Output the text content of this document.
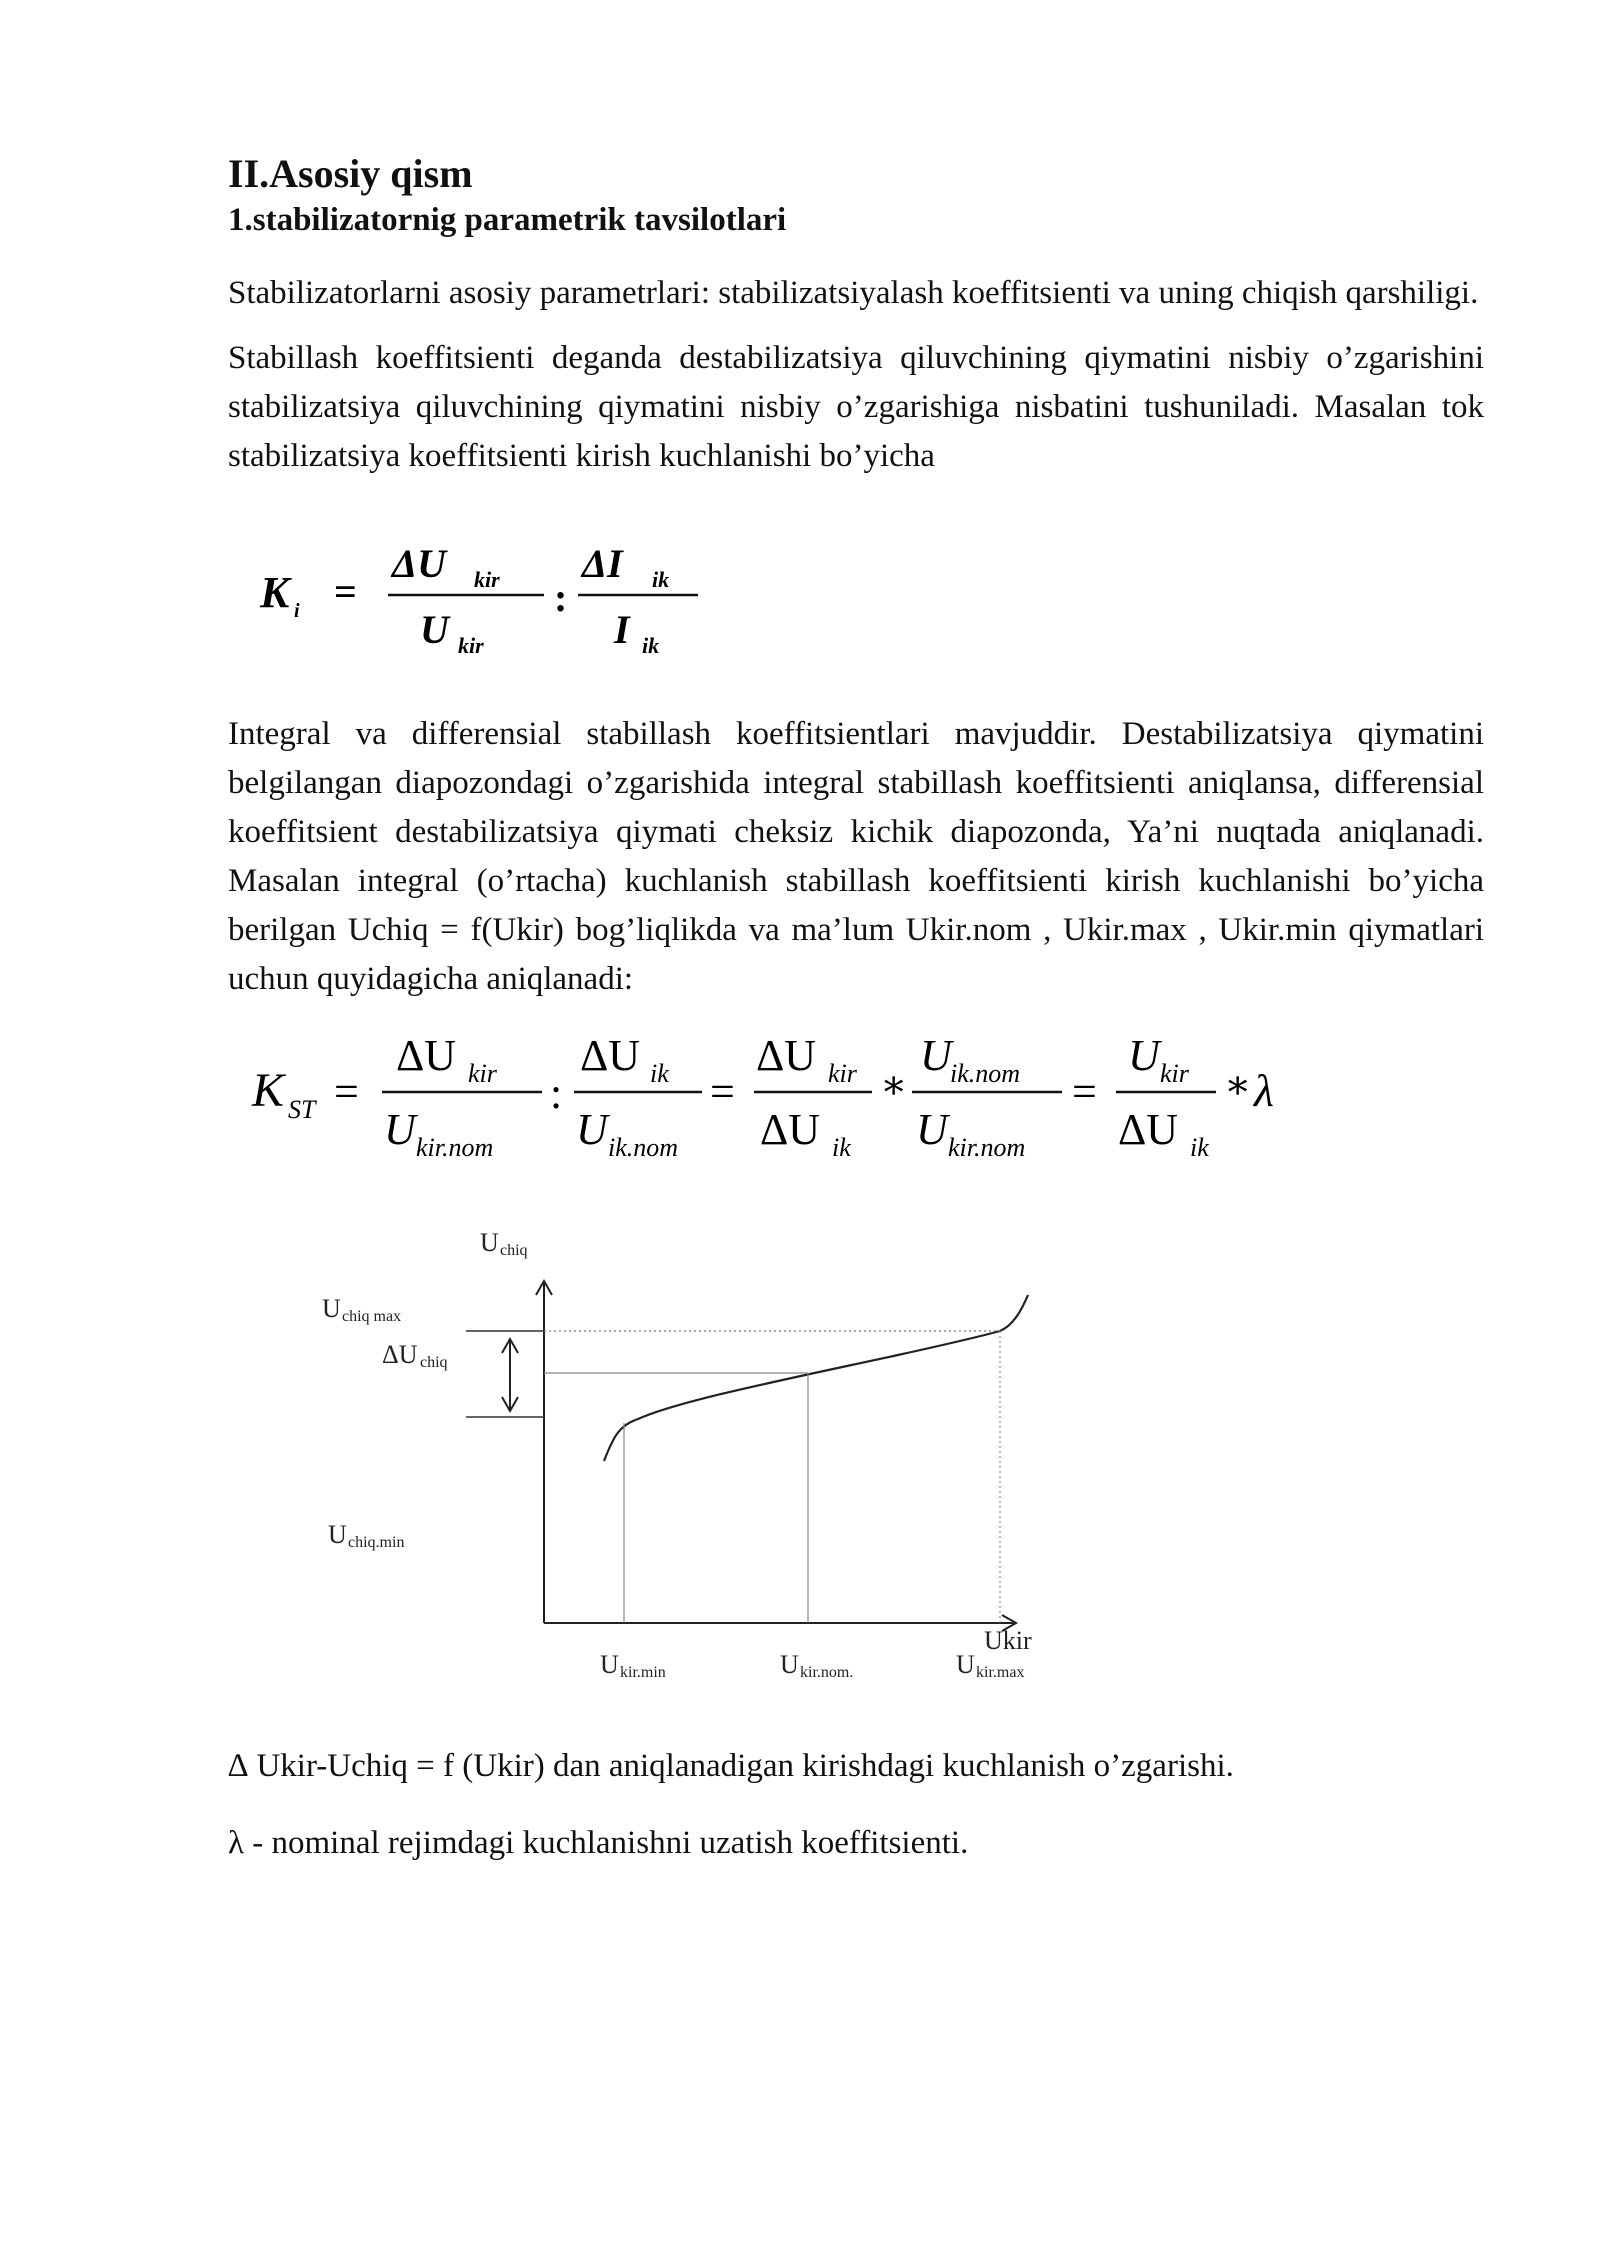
II.Asosiy qism
1.stabilizatornig parametrik tavsilotlari

Stabilizatorlarni asosiy parametrlari: stabilizatsiyalash koeffitsienti va uning chiqish qarshiligi.

Stabillash koeffitsienti deganda destabilizatsiya qiluvchining qiymatini nisbiy o’zgarishini stabilizatsiya qiluvchining qiymatini nisbiy o’zgarishiga nisbatini tushuniladi. Masalan tok stabilizatsiya koeffitsienti kirish kuchlanishi bo’yicha

K i =
ΔU kir
U kir
:
ΔI ik
I ik

Integral va differensial stabillash koeffitsientlari mavjuddir. Destabilizatsiya qiymatini belgilangan diapozondagi o’zgarishida integral stabillash koeffitsienti aniqlansa, differensial koeffitsient destabilizatsiya qiymati cheksiz kichik diapozonda, Ya’ni nuqtada aniqlanadi. Masalan integral (o’rtacha) kuchlanish stabillash koeffitsienti kirish kuchlanishi bo’yicha berilgan Uchiq = f(Ukir) bog’liqlikda va ma’lum Ukir.nom , Ukir.max , Ukir.min qiymatlari uchun quyidagicha aniqlanadi:

K ST =
ΔU kir
U kir.nom
:
ΔU ik
U ik.nom
=
ΔU kir
ΔU ik
∗
U
ik.nom
U kir.nom
=
U kir
ΔU ik
∗ λ

U chiq
U chiq max
ΔU chiq
U chiq.min
Ukir
U kir.min	U kir.nom.	U kir.max

∆ Ukir-Uchiq = f (Ukir) dan aniqlanadigan kirishdagi kuchlanish o’zgarishi.

λ - nominal rejimdagi kuchlanishni uzatish koeffitsienti.
